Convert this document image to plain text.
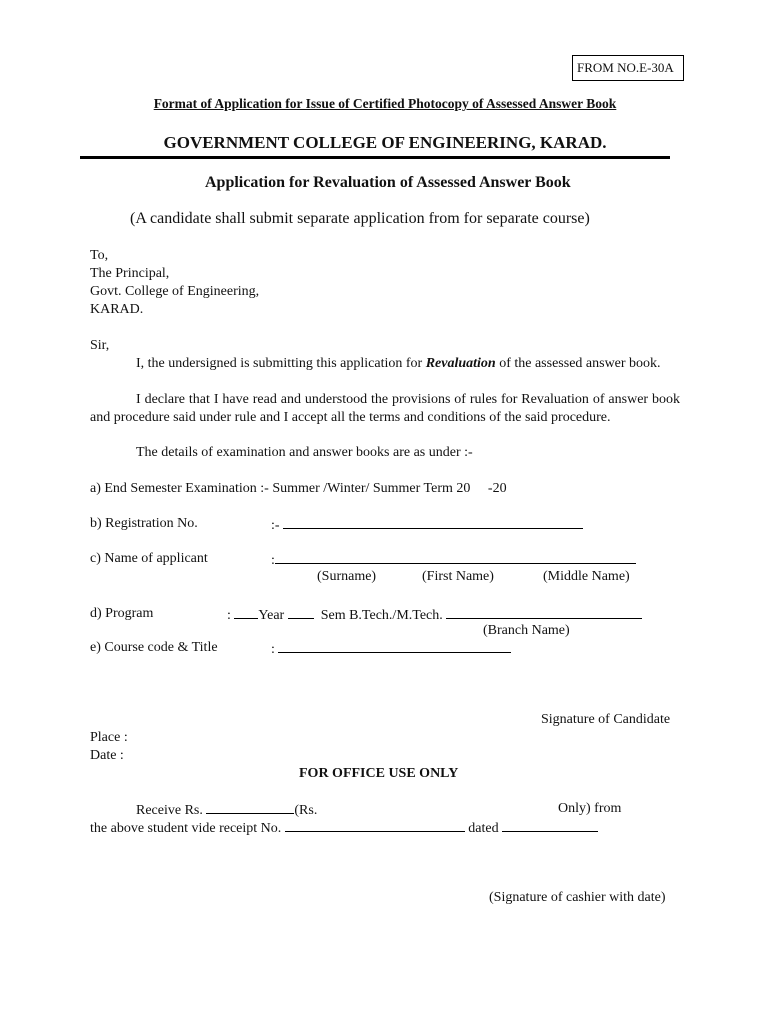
FROM NO.E-30A
Format of Application for Issue of Certified Photocopy of Assessed Answer Book
GOVERNMENT COLLEGE OF ENGINEERING, KARAD.
Application for Revaluation of Assessed Answer Book
(A candidate shall submit separate application from for separate course)
To,
The Principal,
Govt. College of Engineering,
KARAD.
Sir,
I, the undersigned is submitting this application for Revaluation of the assessed answer book.
I declare that I have read and understood the provisions of rules for Revaluation of answer book and procedure said under rule and I accept all the terms and conditions of the said procedure.
The details of examination and answer books are as under :-
a) End Semester Examination :- Summer /Winter/ Summer Term 20 -20
b) Registration No.	:-
c) Name of applicant	:
(Surname)	(First Name)	(Middle Name)
d) Program	: Year	Sem B.Tech./M.Tech.
(Branch Name)
e) Course code & Title	:
Signature of Candidate
Place :
Date :
FOR OFFICE USE ONLY
Receive Rs.	(Rs.	Only) from
the above student vide receipt No.	dated
(Signature of cashier with date)
